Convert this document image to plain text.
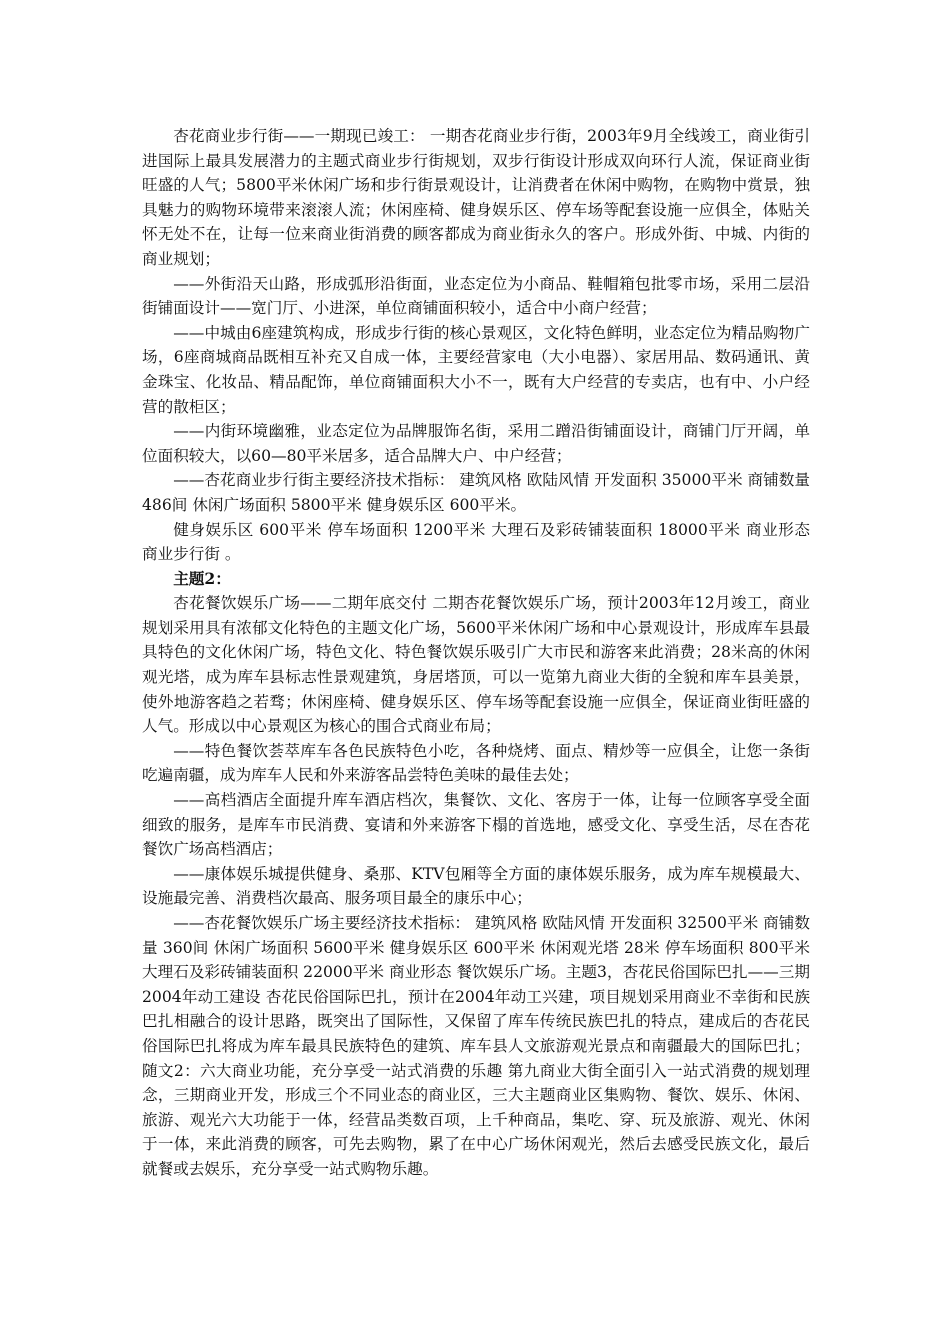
杏花商业步行街——一期现已竣工： 一期杏花商业步行街，2003年9月全线竣工，商业街引进国际上最具发展潜力的主题式商业步行街规划，双步行街设计形成双向环行人流，保证商业街旺盛的人气；5800平米休闲广场和步行街景观设计，让消费者在休闲中购物，在购物中赏景，独具魅力的购物环境带来滚滚人流；休闲座椅、健身娱乐区、停车场等配套设施一应俱全，体贴关怀无处不在，让每一位来商业街消费的顾客都成为商业街永久的客户。形成外街、中城、内街的商业规划；

——外街沿天山路，形成弧形沿街面，业态定位为小商品、鞋帽箱包批零市场，采用二层沿街铺面设计——宽门厅、小进深，单位商铺面积较小，适合中小商户经营；

——中城由6座建筑构成，形成步行街的核心景观区，文化特色鲜明，业态定位为精品购物广场，6座商城商品既相互补充又自成一体，主要经营家电（大小电器）、家居用品、数码通讯、黄金珠宝、化妆品、精品配饰，单位商铺面积大小不一，既有大户经营的专卖店，也有中、小户经营的散柜区；

——内街环境幽雅，业态定位为品牌服饰名街，采用二蹭沿街铺面设计，商铺门厅开阔，单位面积较大，以60—80平米居多，适合品牌大户、中户经营；

——杏花商业步行街主要经济技术指标： 建筑风格 欧陆风情 开发面积 35000平米 商铺数量 486间 休闲广场面积 5800平米 健身娱乐区 600平米。

健身娱乐区 600平米 停车场面积 1200平米 大理石及彩砖铺装面积 18000平米 商业形态 商业步行街 。

主题2：

杏花餐饮娱乐广场——二期年底交付 二期杏花餐饮娱乐广场，预计2003年12月竣工，商业规划采用具有浓郁文化特色的主题文化广场，5600平米休闲广场和中心景观设计，形成库车县最具特色的文化休闲广场，特色文化、特色餐饮娱乐吸引广大市民和游客来此消费；28米高的休闲观光塔，成为库车县标志性景观建筑，身居塔顶，可以一览第九商业大街的全貌和库车县美景，使外地游客趋之若骛；休闲座椅、健身娱乐区、停车场等配套设施一应俱全，保证商业街旺盛的人气。形成以中心景观区为核心的围合式商业布局；

——特色餐饮荟萃库车各色民族特色小吃，各种烧烤、面点、精炒等一应俱全，让您一条街吃遍南疆，成为库车人民和外来游客品尝特色美味的最佳去处；

——高档酒店全面提升库车酒店档次，集餐饮、文化、客房于一体，让每一位顾客享受全面细致的服务，是库车市民消费、宴请和外来游客下榻的首选地，感受文化、享受生活，尽在杏花餐饮广场高档酒店；

——康体娱乐城提供健身、桑那、KTV包厢等全方面的康体娱乐服务，成为库车规模最大、设施最完善、消费档次最高、服务项目最全的康乐中心；

——杏花餐饮娱乐广场主要经济技术指标： 建筑风格 欧陆风情 开发面积 32500平米 商铺数量 360间 休闲广场面积 5600平米 健身娱乐区 600平米 休闲观光塔 28米 停车场面积 800平米 大理石及彩砖铺装面积 22000平米 商业形态 餐饮娱乐广场。主题3，杏花民俗国际巴扎——三期2004年动工建设 杏花民俗国际巴扎，预计在2004年动工兴建，项目规划采用商业不幸街和民族巴扎相融合的设计思路，既突出了国际性，又保留了库车传统民族巴扎的特点，建成后的杏花民俗国际巴扎将成为库车最具民族特色的建筑、库车县人文旅游观光景点和南疆最大的国际巴扎； 随文2：六大商业功能，充分享受一站式消费的乐趣 第九商业大街全面引入一站式消费的规划理念，三期商业开发，形成三个不同业态的商业区，三大主题商业区集购物、餐饮、娱乐、休闲、旅游、观光六大功能于一体，经营品类数百项，上千种商品，集吃、穿、玩及旅游、观光、休闲于一体，来此消费的顾客，可先去购物，累了在中心广场休闲观光，然后去感受民族文化，最后就餐或去娱乐，充分享受一站式购物乐趣。
